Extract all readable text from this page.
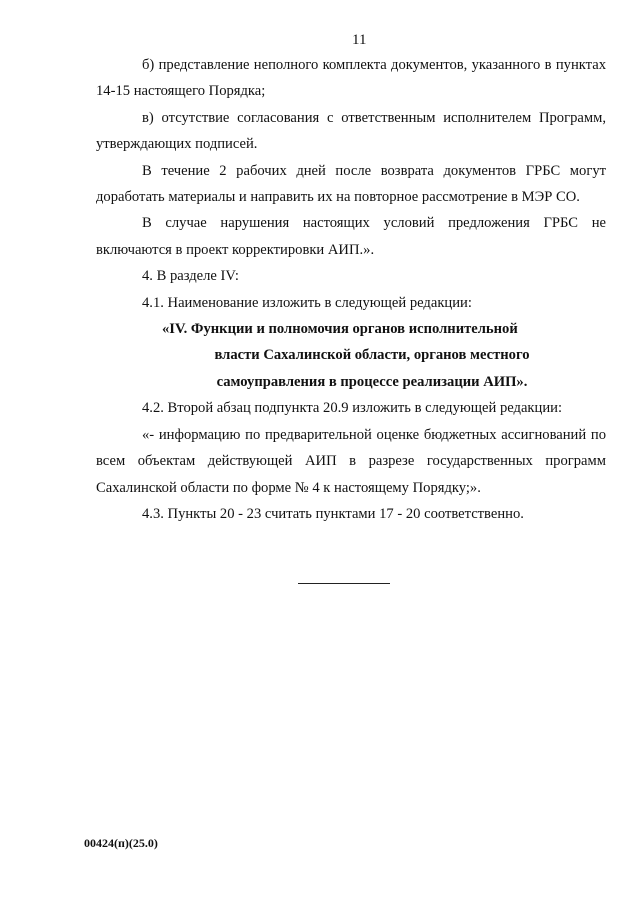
11

б) представление неполного комплекта документов, указанного в пунктах 14-15 настоящего Порядка;

в) отсутствие согласования с ответственным исполнителем Программ, утверждающих подписей.

В течение 2 рабочих дней после возврата документов ГРБС могут доработать материалы и направить их на повторное рассмотрение в МЭР СО.

В случае нарушения настоящих условий предложения ГРБС не включаются в проект корректировки АИП.».

4. В разделе IV:

4.1. Наименование изложить в следующей редакции:

«IV. Функции и полномочия органов исполнительной
власти Сахалинской области, органов местного
самоуправления в процессе реализации АИП».

4.2. Второй абзац подпункта 20.9 изложить в следующей редакции:

«- информацию по предварительной оценке бюджетных ассигнований по всем объектам действующей АИП в разрезе государственных программ Сахалинской области по форме № 4 к настоящему Порядку;».

4.3. Пункты 20 - 23 считать пунктами 17 - 20 соответственно.

00424(п)(25.0)
